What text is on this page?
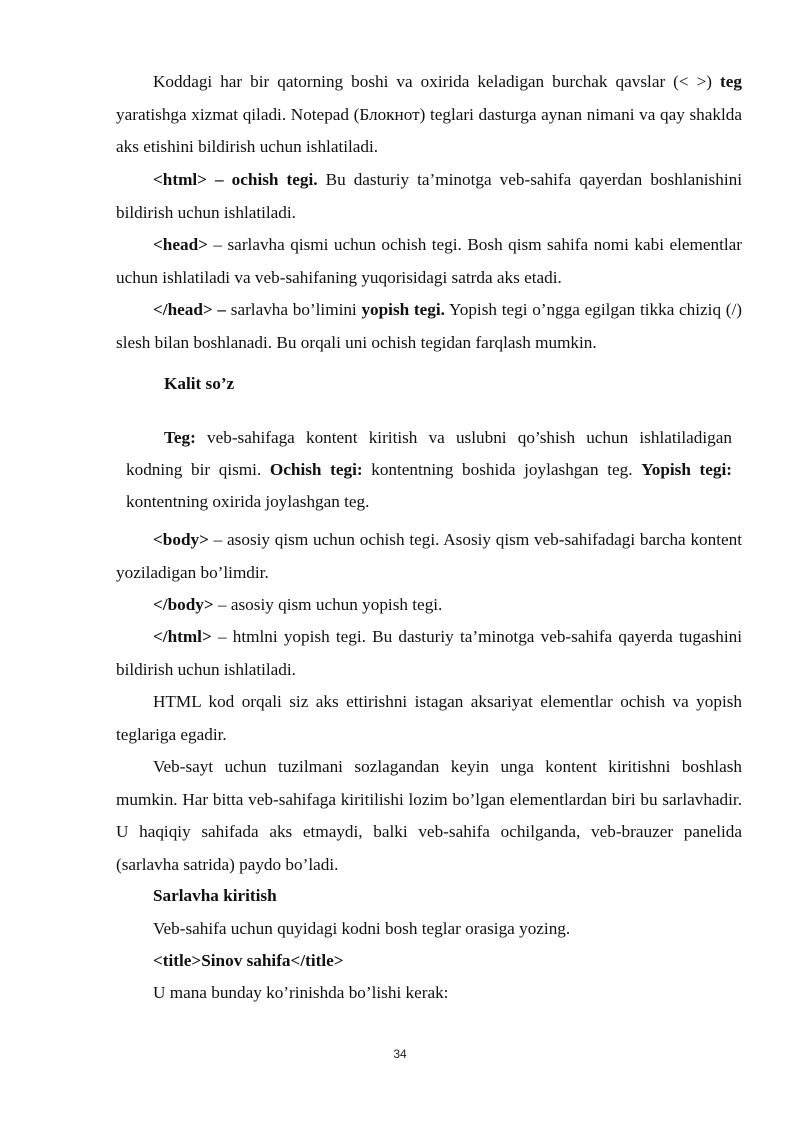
Koddagi har bir qatorning boshi va oxirida keladigan burchak qavslar (< >) teg yaratishga xizmat qiladi. Notepad (Блокнот) teglari dasturga aynan nimani va qay shaklda aks etishini bildirish uchun ishlatiladi.

<html> – ochish tegi. Bu dasturiy ta’minotga veb-sahifa qayerdan boshlanishini bildirish uchun ishlatiladi.

<head> – sarlavha qismi uchun ochish tegi. Bosh qism sahifa nomi kabi elementlar uchun ishlatiladi va veb-sahifaning yuqorisidagi satrda aks etadi.

</head> – sarlavha bo’limini yopish tegi. Yopish tegi o’ngga egilgan tikka chiziq (/) slesh bilan boshlanadi. Bu orqali uni ochish tegidan farqlash mumkin.

Kalit so’z

Teg: veb-sahifaga kontent kiritish va uslubni qo’shish uchun ishlatiladigan kodning bir qismi. Ochish tegi: kontentning boshida joylashgan teg. Yopish tegi: kontentning oxirida joylashgan teg.

<body> – asosiy qism uchun ochish tegi. Asosiy qism veb-sahifadagi barcha kontent yoziladigan bo’limdir.

</body> – asosiy qism uchun yopish tegi.

</html> – htmlni yopish tegi. Bu dasturiy ta’minotga veb-sahifa qayerda tugashini bildirish uchun ishlatiladi.

HTML kod orqali siz aks ettirishni istagan aksariyat elementlar ochish va yopish teglariga egadir.

Veb-sayt uchun tuzilmani sozlagandan keyin unga kontent kiritishni boshlash mumkin. Har bitta veb-sahifaga kiritilishi lozim bo’lgan elementlardan biri bu sarlavhadir. U haqiqiy sahifada aks etmaydi, balki veb-sahifa ochilganda, veb-brauzer panelida (sarlavha satrida) paydo bo’ladi.

Sarlavha kiritish

Veb-sahifa uchun quyidagi kodni bosh teglar orasiga yozing.

<title>Sinov sahifa</title>

U mana bunday ko’rinishda bo’lishi kerak:

34
